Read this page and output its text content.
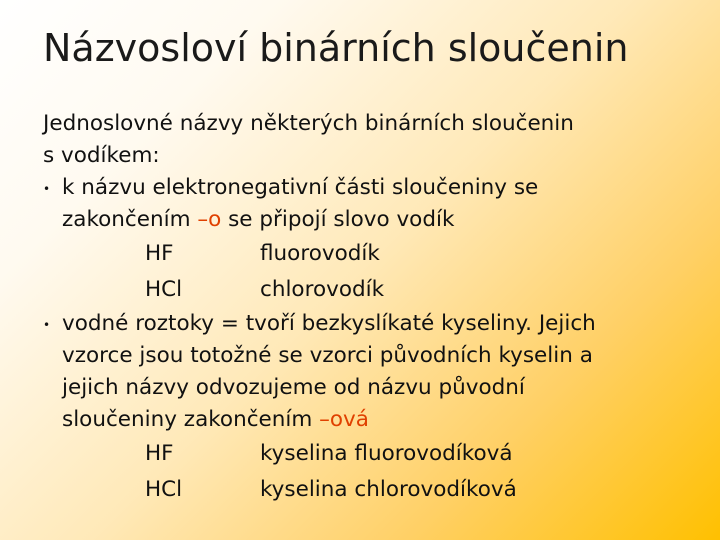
Názvosloví binárních sloučenin
Jednoslovné názvy některých binárních sloučenin
s vodíkem:
• k názvu elektronegativní části sloučeniny se
zakončením –o se připojí slovo vodík
HF	fluorovodík
HCl	chlorovodík
• vodné roztoky = tvoří bezkyslíkaté kyseliny. Jejich
vzorce jsou totožné se vzorci původních kyselin a
jejich názvy odvozujeme od názvu původní
sloučeniny zakončením –ová
HF	kyselina fluorovodíková
HCl	kyselina chlorovodíková
